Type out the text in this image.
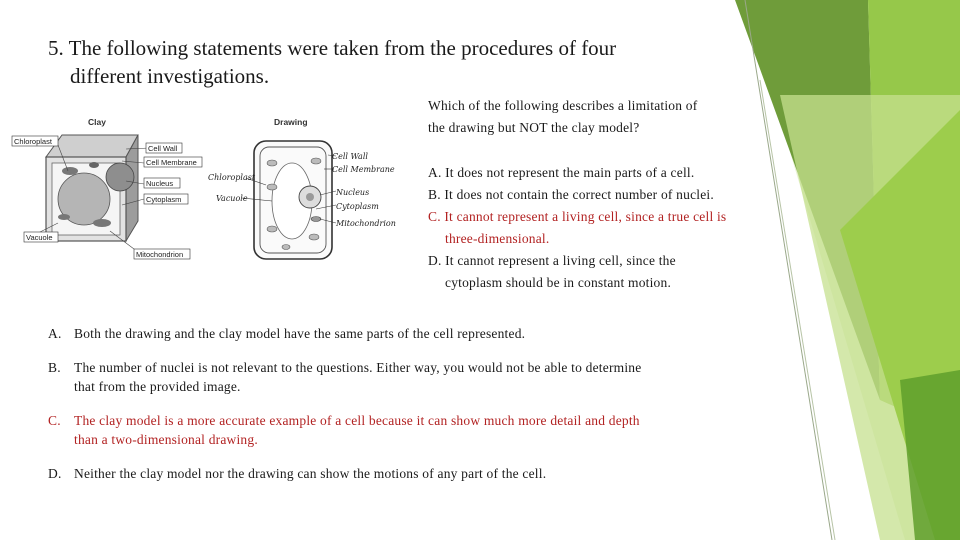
5. The following statements were taken from the procedures of four
different investigations.
Clay
Chloroplast
Cell Wall
Cell Membrane
Nucleus
Cytoplasm
Vacuole
Mitochondrion
Drawing
Cell Wall
Cell Membrane
Chloroplast
Vacuole
Nucleus
Cytoplasm
Mitochondrion
Which of the following describes a limitation of
the drawing but NOT the clay model?
A. It does not represent the main parts of a cell.
B. It does not contain the correct number of nuclei.
C. It cannot represent a living cell, since a true cell is
three-dimensional.
D. It cannot represent a living cell, since the
cytoplasm should be in constant motion.
A. Both the drawing and the clay model have the same parts of the cell represented.
B. The number of nuclei is not relevant to the questions. Either way, you would not be able to determine
that from the provided image.
C. The clay model is a more accurate example of a cell because it can show much more detail and depth
than a two-dimensional drawing.
D. Neither the clay model nor the drawing can show the motions of any part of the cell.
